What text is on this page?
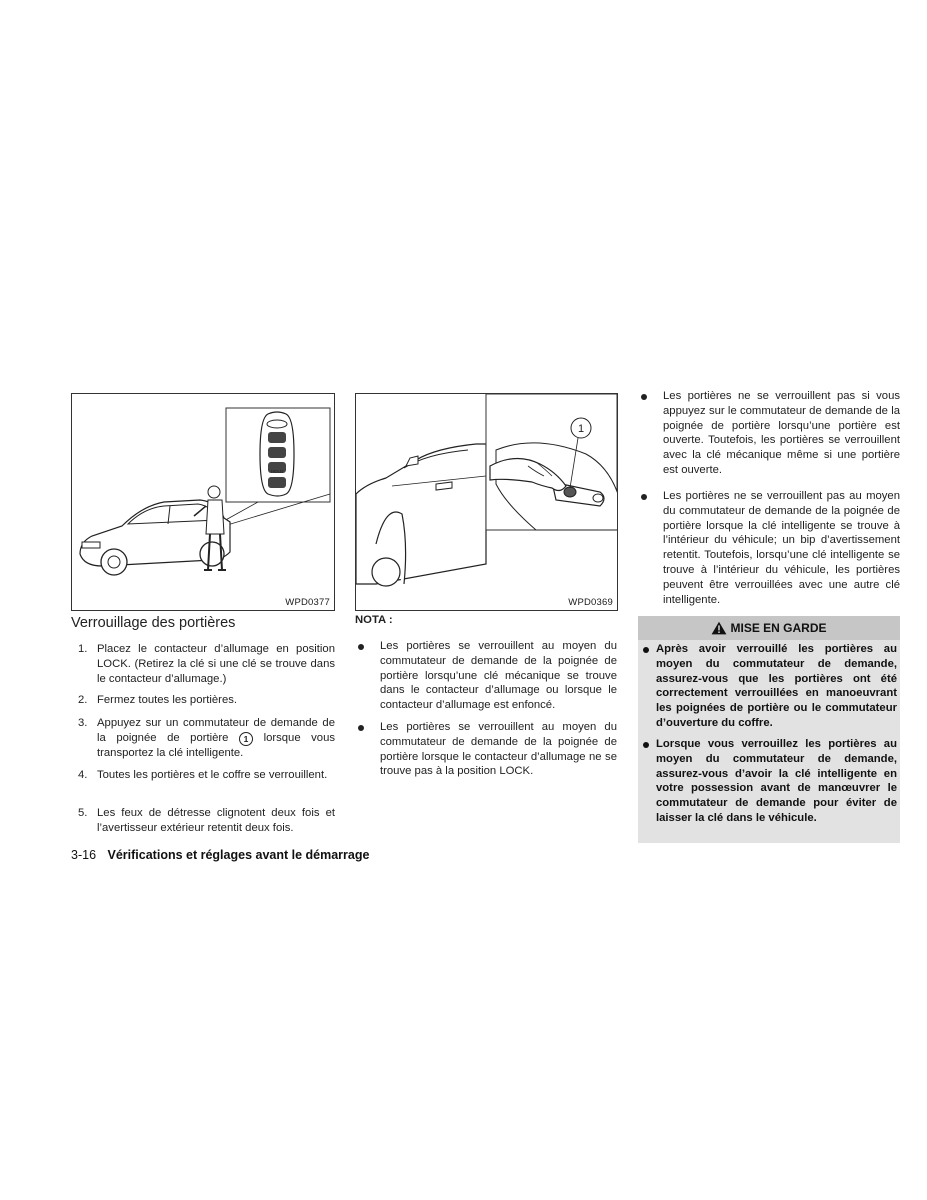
HOLD
WPD0377
1
WPD0369
Verrouillage des portières
1. Placez le contacteur d’allumage en position LOCK. (Retirez la clé si une clé se trouve dans le contacteur d’allumage.)
2. Fermez toutes les portières.
3. Appuyez sur un commutateur de demande de la poignée de portière 1 lorsque vous transportez la clé intelligente.
4. Toutes les portières et le coffre se verrouillent.
5. Les feux de détresse clignotent deux fois et l’avertisseur extérieur retentit deux fois.
NOTA :
Les portières se verrouillent au moyen du commutateur de demande de la poignée de portière lorsqu’une clé mécanique se trouve dans le contacteur d’allumage ou lorsque le contacteur d’allumage est enfoncé.
Les portières se verrouillent au moyen du commutateur de demande de la poignée de portière lorsque le contacteur d’allumage ne se trouve pas à la position LOCK.
Les portières ne se verrouillent pas si vous appuyez sur le commutateur de demande de la poignée de portière lorsqu’une portière est ouverte. Toutefois, les portières se verrouillent avec la clé mécanique même si une portière est ouverte.
Les portières ne se verrouillent pas au moyen du commutateur de demande de la poignée de portière lorsque la clé intelligente se trouve à l’intérieur du véhicule; un bip d’avertissement retentit. Toutefois, lorsqu’une clé intelligente se trouve à l’intérieur du véhicule, les portières peuvent être verrouillées avec une autre clé intelligente.
MISE EN GARDE
Après avoir verrouillé les portières au moyen du commutateur de demande, assurez-vous que les portières ont été correctement verrouillées en manoeuvrant les poignées de portière ou le commutateur d’ouverture du coffre.
Lorsque vous verrouillez les portières au moyen du commutateur de demande, assurez-vous d’avoir la clé intelligente en votre possession avant de manœuvrer le commutateur de demande pour éviter de laisser la clé dans le véhicule.
3-16 Vérifications et réglages avant le démarrage
